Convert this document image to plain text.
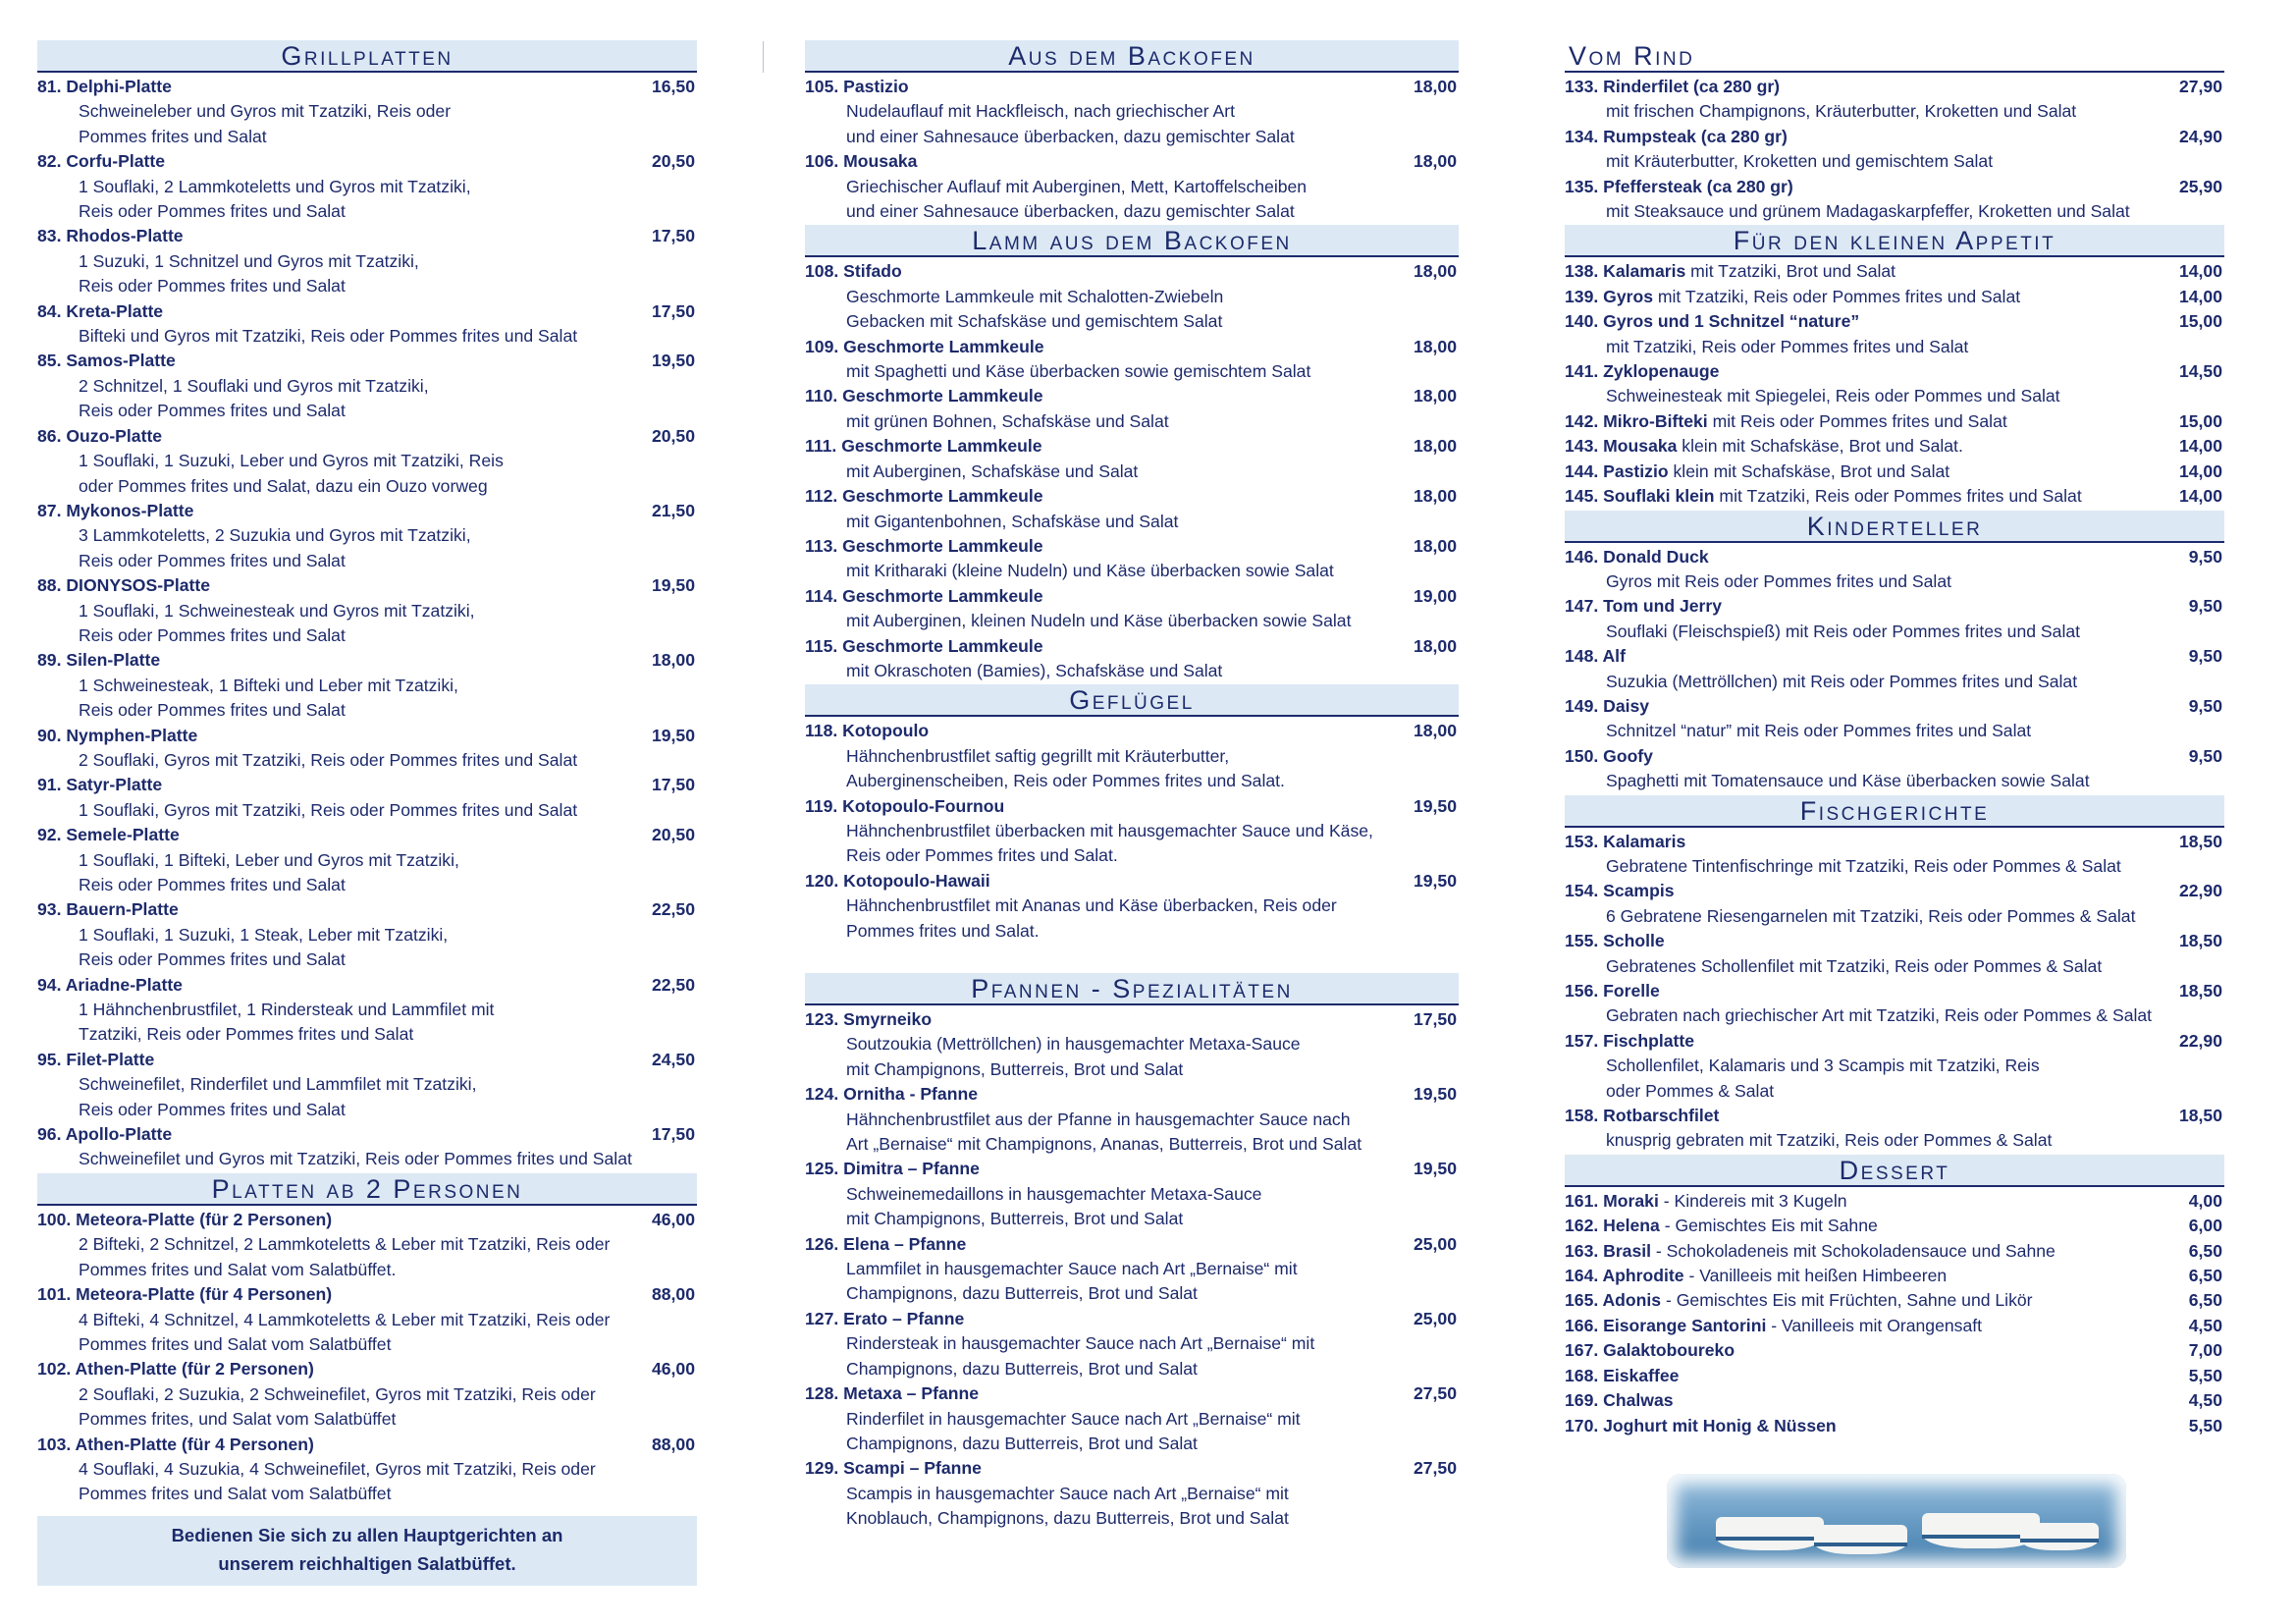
Grillplatten
81. Delphi-Platte	16,50
Schweineleber und Gyros mit Tzatziki, Reis oder
Pommes frites und Salat
82. Corfu-Platte	20,50
1 Souflaki, 2 Lammkoteletts und Gyros mit Tzatziki,
Reis oder Pommes frites und Salat
83. Rhodos-Platte	17,50
1 Suzuki, 1 Schnitzel und Gyros mit Tzatziki,
Reis oder Pommes frites und Salat
84. Kreta-Platte	17,50
Bifteki und Gyros mit Tzatziki, Reis oder Pommes frites und Salat
85. Samos-Platte	19,50
2 Schnitzel, 1 Souflaki und Gyros mit Tzatziki,
Reis oder Pommes frites und Salat
86. Ouzo-Platte	20,50
1 Souflaki, 1 Suzuki, Leber und Gyros mit Tzatziki, Reis
oder Pommes frites und Salat, dazu ein Ouzo vorweg
87. Mykonos-Platte	21,50
3 Lammkoteletts, 2 Suzukia und Gyros mit Tzatziki,
Reis oder Pommes frites und Salat
88. DIONYSOS-Platte	19,50
1 Souflaki, 1 Schweinesteak und Gyros mit Tzatziki,
Reis oder Pommes frites und Salat
89. Silen-Platte	18,00
1 Schweinesteak, 1 Bifteki und Leber mit Tzatziki,
Reis oder Pommes frites und Salat
90. Nymphen-Platte	19,50
2 Souflaki, Gyros mit Tzatziki, Reis oder Pommes frites und Salat
91. Satyr-Platte	17,50
1 Souflaki, Gyros mit Tzatziki, Reis oder Pommes frites und Salat
92. Semele-Platte	20,50
1 Souflaki, 1 Bifteki, Leber und Gyros mit Tzatziki,
Reis oder Pommes frites und Salat
93. Bauern-Platte	22,50
1 Souflaki, 1 Suzuki, 1 Steak, Leber mit Tzatziki,
Reis oder Pommes frites und Salat
94. Ariadne-Platte	22,50
1 Hähnchenbrustfilet, 1 Rindersteak und Lammfilet mit
Tzatziki, Reis oder Pommes frites und Salat
95. Filet-Platte	24,50
Schweinefilet, Rinderfilet und Lammfilet mit Tzatziki,
Reis oder Pommes frites und Salat
96. Apollo-Platte	17,50
Schweinefilet und Gyros mit Tzatziki, Reis oder Pommes frites und Salat
Platten ab 2 Personen
100. Meteora-Platte (für 2 Personen)	46,00
2 Bifteki, 2 Schnitzel, 2 Lammkoteletts & Leber mit Tzatziki, Reis oder
Pommes frites und Salat vom Salatbüffet.
101. Meteora-Platte (für 4 Personen)	88,00
4 Bifteki, 4 Schnitzel, 4 Lammkoteletts & Leber mit Tzatziki, Reis oder
Pommes frites und Salat vom Salatbüffet
102. Athen-Platte (für 2 Personen)	46,00
2 Souflaki, 2 Suzukia, 2 Schweinefilet, Gyros mit Tzatziki, Reis oder
Pommes frites, und Salat vom Salatbüffet
103. Athen-Platte (für 4 Personen)	88,00
4 Souflaki, 4 Suzukia, 4 Schweinefilet, Gyros mit Tzatziki, Reis oder
Pommes frites und Salat vom Salatbüffet
Bedienen Sie sich zu allen Hauptgerichten an
unserem reichhaltigen Salatbüffet.
Aus dem Backofen
105. Pastizio	18,00
Nudelauflauf mit Hackfleisch, nach griechischer Art
und einer Sahnesauce überbacken, dazu gemischter Salat
106. Mousaka	18,00
Griechischer Auflauf mit Auberginen, Mett, Kartoffelscheiben
und einer Sahnesauce überbacken, dazu gemischter Salat
Lamm aus dem Backofen
108. Stifado	18,00
Geschmorte Lammkeule mit Schalotten-Zwiebeln
Gebacken mit Schafskäse und gemischtem Salat
109. Geschmorte Lammkeule	18,00
mit Spaghetti und Käse überbacken sowie gemischtem Salat
110. Geschmorte Lammkeule	18,00
mit grünen Bohnen, Schafskäse und Salat
111. Geschmorte Lammkeule	18,00
mit Auberginen, Schafskäse und Salat
112. Geschmorte Lammkeule	18,00
mit Gigantenbohnen, Schafskäse und Salat
113. Geschmorte Lammkeule	18,00
mit Kritharaki (kleine Nudeln) und Käse überbacken sowie Salat
114. Geschmorte Lammkeule	19,00
mit Auberginen, kleinen Nudeln und Käse überbacken sowie Salat
115. Geschmorte Lammkeule	18,00
mit Okraschoten (Bamies), Schafskäse und Salat
Geflügel
118. Kotopoulo	18,00
Hähnchenbrustfilet saftig gegrillt mit Kräuterbutter,
Auberginenscheiben, Reis oder Pommes frites und Salat.
119. Kotopoulo-Fournou	19,50
Hähnchenbrustfilet überbacken mit hausgemachter Sauce und Käse,
Reis oder Pommes frites und Salat.
120. Kotopoulo-Hawaii	19,50
Hähnchenbrustfilet mit Ananas und Käse überbacken, Reis oder
Pommes frites und Salat.
Pfannen - Spezialitäten
123. Smyrneiko	17,50
Soutzoukia (Mettröllchen) in hausgemachter Metaxa-Sauce
mit Champignons, Butterreis, Brot und Salat
124. Ornitha - Pfanne	19,50
Hähnchenbrustfilet aus der Pfanne in hausgemachter Sauce nach
Art „Bernaise“ mit Champignons, Ananas, Butterreis, Brot und Salat
125. Dimitra – Pfanne	19,50
Schweinemedaillons in hausgemachter Metaxa-Sauce
mit Champignons, Butterreis, Brot und Salat
126. Elena – Pfanne	25,00
Lammfilet in hausgemachter Sauce nach Art „Bernaise“ mit
Champignons, dazu Butterreis, Brot und Salat
127. Erato – Pfanne	25,00
Rindersteak in hausgemachter Sauce nach Art „Bernaise“ mit
Champignons, dazu Butterreis, Brot und Salat
128. Metaxa – Pfanne	27,50
Rinderfilet in hausgemachter Sauce nach Art „Bernaise“ mit
Champignons, dazu Butterreis, Brot und Salat
129. Scampi – Pfanne	27,50
Scampis in hausgemachter Sauce nach Art „Bernaise“ mit
Knoblauch, Champignons, dazu Butterreis, Brot und Salat
Vom Rind
133. Rinderfilet (ca 280 gr)	27,90
mit frischen Champignons, Kräuterbutter, Kroketten und Salat
134. Rumpsteak (ca 280 gr)	24,90
mit Kräuterbutter, Kroketten und gemischtem Salat
135. Pfeffersteak (ca 280 gr)	25,90
mit Steaksauce und grünem Madagaskarpfeffer, Kroketten und Salat
Für den kleinen Appetit
138. Kalamaris mit Tzatziki, Brot und Salat	14,00
139. Gyros mit Tzatziki, Reis oder Pommes frites und Salat	14,00
140. Gyros und 1 Schnitzel “nature”	15,00
mit Tzatziki, Reis oder Pommes frites und Salat
141. Zyklopenauge	14,50
Schweinesteak mit Spiegelei, Reis oder Pommes und Salat
142. Mikro-Bifteki mit Reis oder Pommes frites und Salat	15,00
143. Mousaka klein mit Schafskäse, Brot und Salat.	14,00
144. Pastizio klein mit Schafskäse, Brot und Salat	14,00
145. Souflaki klein mit Tzatziki, Reis oder Pommes frites und Salat	14,00
Kinderteller
146. Donald Duck	9,50
Gyros mit Reis oder Pommes frites und Salat
147. Tom und Jerry	9,50
Souflaki (Fleischspieß) mit Reis oder Pommes frites und Salat
148. Alf	9,50
Suzukia (Mettröllchen) mit Reis oder Pommes frites und Salat
149. Daisy	9,50
Schnitzel “natur” mit Reis oder Pommes frites und Salat
150. Goofy	9,50
Spaghetti mit Tomatensauce und Käse überbacken sowie Salat
Fischgerichte
153. Kalamaris	18,50
Gebratene Tintenfischringe mit Tzatziki, Reis oder Pommes & Salat
154. Scampis	22,90
6 Gebratene Riesengarnelen mit Tzatziki, Reis oder Pommes & Salat
155. Scholle	18,50
Gebratenes Schollenfilet mit Tzatziki, Reis oder Pommes & Salat
156. Forelle	18,50
Gebraten nach griechischer Art mit Tzatziki, Reis oder Pommes & Salat
157. Fischplatte	22,90
Schollenfilet, Kalamaris und 3 Scampis mit Tzatziki, Reis
oder Pommes & Salat
158. Rotbarschfilet	18,50
knusprig gebraten mit Tzatziki, Reis oder Pommes & Salat
Dessert
161. Moraki - Kindereis mit 3 Kugeln	4,00
162. Helena - Gemischtes Eis mit Sahne	6,00
163. Brasil - Schokoladeneis mit Schokoladensauce und Sahne	6,50
164. Aphrodite - Vanilleeis mit heißen Himbeeren	6,50
165. Adonis - Gemischtes Eis mit Früchten, Sahne und Likör	6,50
166. Eisorange Santorini - Vanilleeis mit Orangensaft	4,50
167. Galaktoboureko	7,00
168. Eiskaffee	5,50
169. Chalwas	4,50
170. Joghurt mit Honig & Nüssen	5,50
